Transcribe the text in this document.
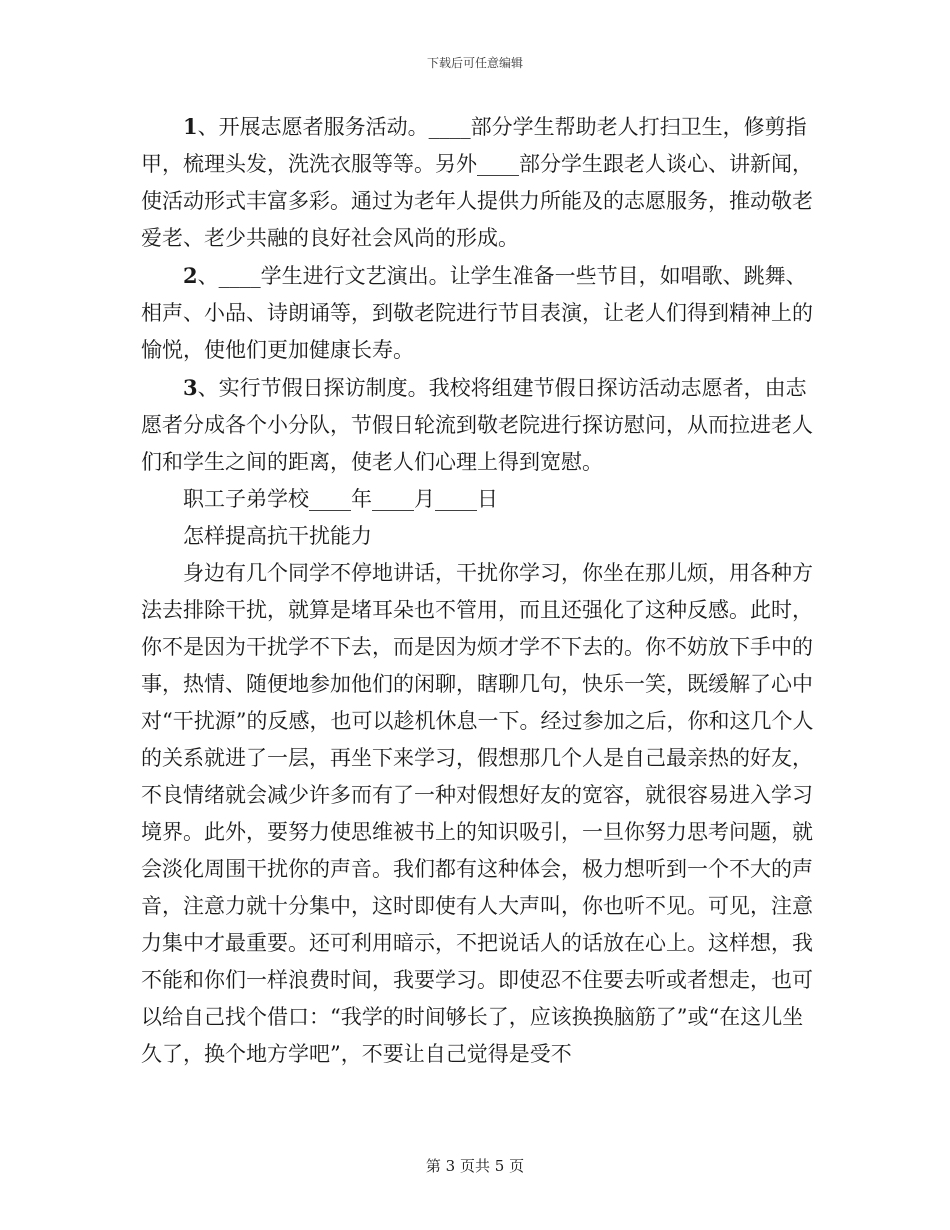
下载后可任意编辑

1、开展志愿者服务活动。____部分学生帮助老人打扫卫生，修剪指甲，梳理头发，洗洗衣服等等。另外____部分学生跟老人谈心、讲新闻，使活动形式丰富多彩。通过为老年人提供力所能及的志愿服务，推动敬老爱老、老少共融的良好社会风尚的形成。

2、____学生进行文艺演出。让学生准备一些节目，如唱歌、跳舞、相声、小品、诗朗诵等，到敬老院进行节目表演，让老人们得到精神上的愉悦，使他们更加健康长寿。

3、实行节假日探访制度。我校将组建节假日探访活动志愿者，由志愿者分成各个小分队，节假日轮流到敬老院进行探访慰问，从而拉进老人们和学生之间的距离，使老人们心理上得到宽慰。

职工子弟学校____年____月____日

怎样提高抗干扰能力

身边有几个同学不停地讲话，干扰你学习，你坐在那儿烦，用各种方法去排除干扰，就算是堵耳朵也不管用，而且还强化了这种反感。此时，你不是因为干扰学不下去，而是因为烦才学不下去的。你不妨放下手中的事，热情、随便地参加他们的闲聊，瞎聊几句，快乐一笑，既缓解了心中对“干扰源”的反感，也可以趁机休息一下。经过参加之后，你和这几个人的关系就进了一层，再坐下来学习，假想那几个人是自己最亲热的好友，不良情绪就会减少许多而有了一种对假想好友的宽容，就很容易进入学习境界。此外，要努力使思维被书上的知识吸引，一旦你努力思考问题，就会淡化周围干扰你的声音。我们都有这种体会，极力想听到一个不大的声音，注意力就十分集中，这时即使有人大声叫，你也听不见。可见，注意力集中才最重要。还可利用暗示，不把说话人的话放在心上。这样想，我不能和你们一样浪费时间，我要学习。即使忍不住要去听或者想走，也可以给自己找个借口：“我学的时间够长了，应该换换脑筋了”或“在这儿坐久了，换个地方学吧”，不要让自己觉得是受不

第 3 页共 5 页
